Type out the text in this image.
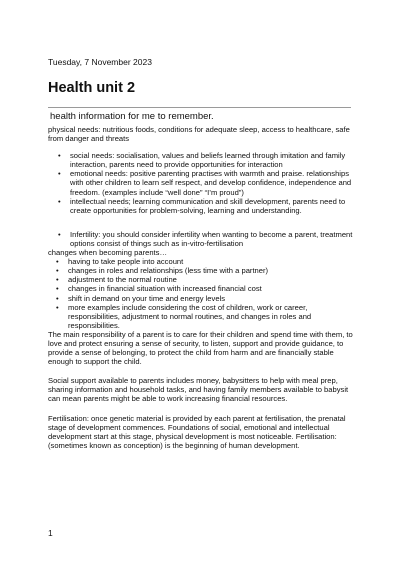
Tuesday, 7 November 2023
Health unit 2
health information for me to remember.

physical needs: nutritious foods, conditions for adequate sleep, access to healthcare, safe from danger and threats

• social needs: socialisation, values and beliefs learned through imitation and family interaction, parents need to provide opportunities for interaction
• emotional needs: positive parenting practises with warmth and praise. relationships with other children to learn self respect, and develop confidence, independence and freedom. (examples include “well done” “I’m proud”)
• intellectual needs; learning communication and skill development, parents need to create opportunities for problem-solving, learning and understanding.
• Infertility: you should consider infertility when wanting to become a parent, treatment options consist of things such as in-vitro-fertilisation

changes when becoming parents…

• having to take people into account
• changes in roles and relationships (less time with a partner)
• adjustment to the normal routine
• changes in financial situation with increased financial cost
• shift in demand on your time and energy levels
• more examples include considering the cost of children, work or career, responsibilities, adjustment to normal routines, and changes in roles and responsibilities.

The main responsibility of a parent is to care for their children and spend time with them, to love and protect ensuring a sense of security, to listen, support and provide guidance, to provide a sense of belonging, to protect the child from harm and are financially stable enough to support the child.

Social support available to parents includes money, babysitters to help with meal prep, sharing information and household tasks, and having family members available to babysit can mean parents might be able to work increasing financial resources.

Fertilisation: once genetic material is provided by each parent at fertilisation, the prenatal stage of development commences. Foundations of social, emotional and intellectual development start at this stage, physical development is most noticeable. Fertilisation: (sometimes known as conception) is the beginning of human development.

1
